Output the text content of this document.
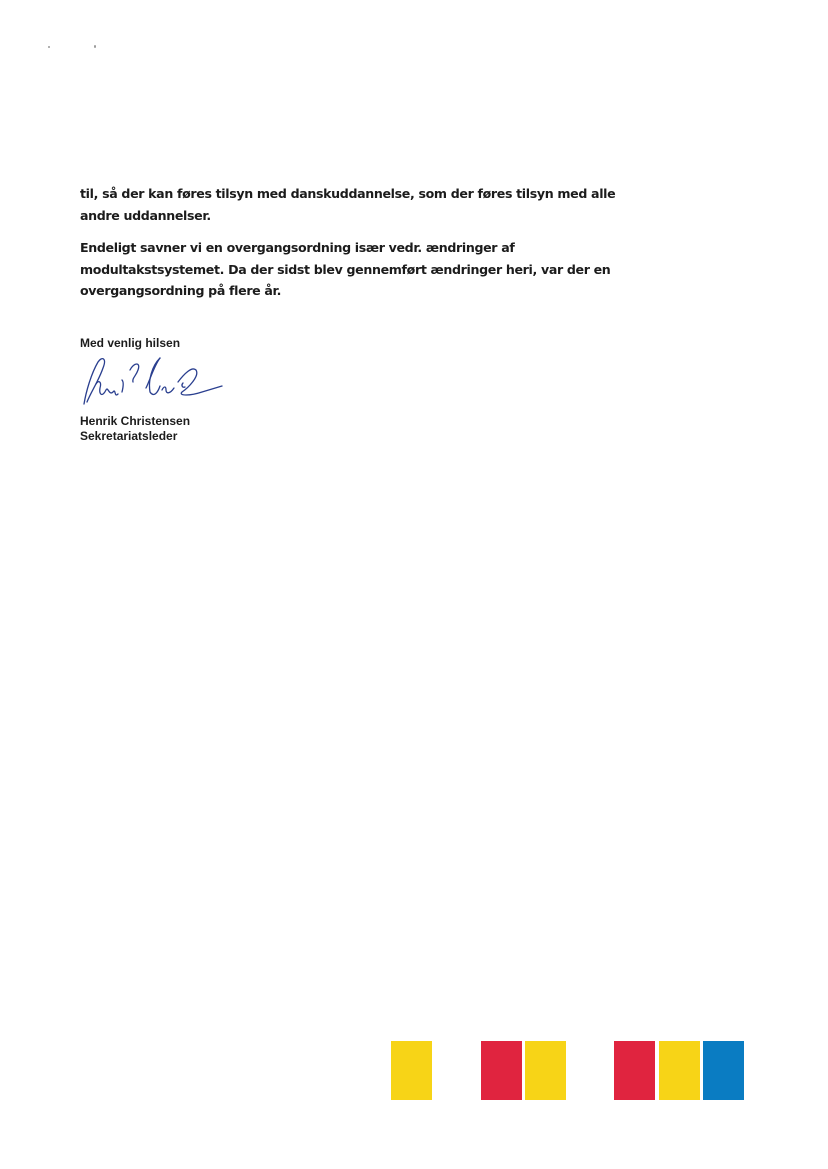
til, så der kan føres tilsyn med danskuddannelse, som der føres tilsyn med alle andre uddannelser.

Endeligt savner vi en overgangsordning især vedr. ændringer af modultakstsystemet. Da der sidst blev gennemført ændringer heri, var der en overgangsordning på flere år.

Med venlig hilsen
Henrik Christensen
Sekretariatsleder
